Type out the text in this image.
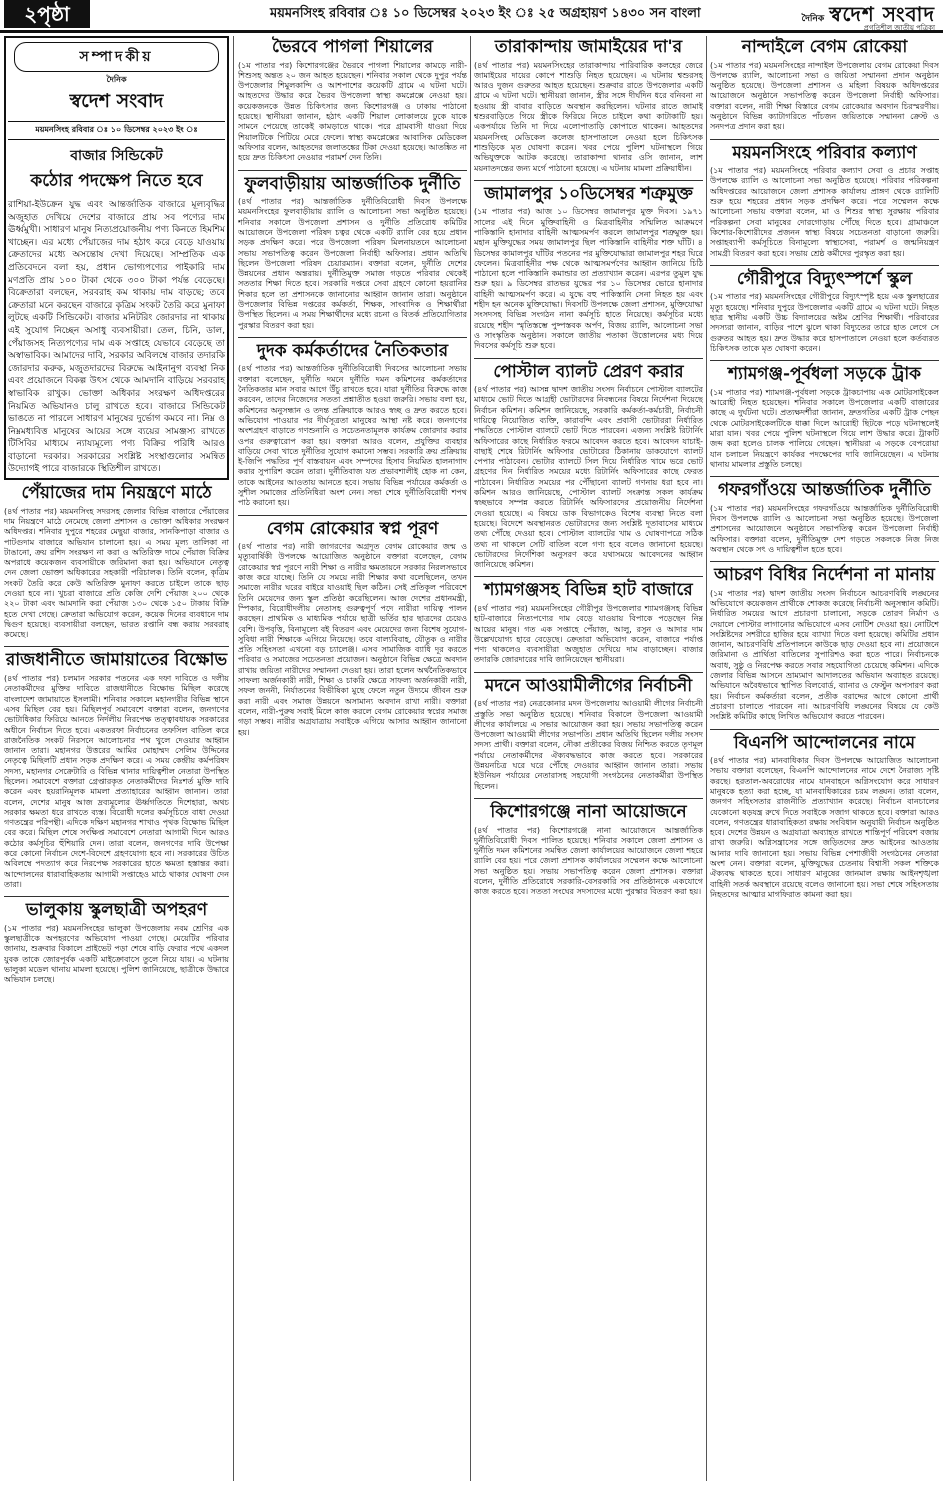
২পৃষ্ঠা	ময়মনসিংহ রবিবার ঃ ১০ ডিসেম্বর ২০২৩ ইং ঃ ২৫ অগ্রহায়ণ ১৪৩০ সন বাংলা	দৈনিক স্বদেশ সংবাদ
প্রগতিশীল জাতীয় পত্রিকা
সম্পাদকীয়
দৈনিক
স্বদেশ সংবাদ
ময়মনসিংহ রবিবার ঃ ১০ ডিসেম্বর ২০২৩ ইং ঃ
বাজার সিন্ডিকেট
কঠোর পদক্ষেপ নিতে হবে

রাশিয়া-ইউক্রেন যুদ্ধ এবং আন্তর্জাতিক বাজারে মূল্যবৃদ্ধির অজুহাত দেখিয়ে দেশের বাজারে প্রায় সব পণ্যের দাম ঊর্ধ্বমুখী। সাধারণ মানুষ নিত্যপ্রয়োজনীয় পণ্য কিনতে হিমশিম খাচ্ছেন। এর মধ্যে পেঁয়াজের দাম হঠাৎ করে বেড়ে যাওয়ায় ক্রেতাদের মধ্যে অসন্তোষ দেখা দিয়েছে। সাম্প্রতিক এক প্রতিবেদনে বলা হয়, প্রধান ভোগ্যপণ্যের পাইকারি দাম মণপ্রতি প্রায় ১০০ টাকা থেকে ৩০০ টাকা পর্যন্ত বেড়েছে। বিক্রেতারা বলছেন, সরবরাহ কম থাকায় দাম বাড়ছে; তবে ক্রেতারা মনে করছেন বাজারে কৃত্রিম সংকট তৈরি করে মুনাফা লুটছে একটি সিন্ডিকেট। বাজার মনিটরিং জোরদার না থাকায় এই সুযোগ নিচ্ছেন অসাধু ব্যবসায়ীরা। তেল, চিনি, ডাল, পেঁয়াজসহ নিত্যপণ্যের দাম এক সপ্তাহে যেভাবে বেড়েছে তা অস্বাভাবিক। আমাদের দাবি, সরকার অবিলম্বে বাজার তদারকি জোরদার করুক, মজুতদারদের বিরুদ্ধে আইনানুগ ব্যবস্থা নিক এবং প্রয়োজনে বিকল্প উৎস থেকে আমদানি বাড়িয়ে সরবরাহ স্বাভাবিক রাখুক। ভোক্তা অধিকার সংরক্ষণ অধিদপ্তরের নিয়মিত অভিযানও চালু রাখতে হবে। বাজারে সিন্ডিকেট ভাঙতে না পারলে সাধারণ মানুষের দুর্ভোগ কমবে না। নিম্ন ও নিম্নমধ্যবিত্ত মানুষের আয়ের সঙ্গে ব্যয়ের সামঞ্জস্য রাখতে টিসিবির মাধ্যমে ন্যায্যমূল্যে পণ্য বিক্রির পরিধি আরও বাড়ানো দরকার। সরকারের সংশ্লিষ্ট সংস্থাগুলোর সমন্বিত উদ্যোগই পারে বাজারকে স্থিতিশীল রাখতে।

পেঁয়াজের দাম নিয়ন্ত্রণে মাঠে

(৪র্থ পাতার পর) ময়মনসিংহ সদরসহ জেলার বিভিন্ন বাজারে পেঁয়াজের দাম নিয়ন্ত্রণে মাঠে নেমেছে জেলা প্রশাসন ও ভোক্তা অধিকার সংরক্ষণ অধিদপ্তর। শনিবার দুপুরে শহরের মেছুয়া বাজার, সানকিপাড়া বাজার ও পাটগুদাম বাজারে অভিযান চালানো হয়। এ সময় মূল্য তালিকা না টাঙানো, ক্রয় রশিদ সংরক্ষণ না করা ও অতিরিক্ত দামে পেঁয়াজ বিক্রির অপরাধে কয়েকজন ব্যবসায়ীকে জরিমানা করা হয়। অভিযানে নেতৃত্ব দেন জেলা ভোক্তা অধিকারের সহকারী পরিচালক। তিনি বলেন, কৃত্রিম সংকট তৈরি করে কেউ অতিরিক্ত মুনাফা করতে চাইলে তাকে ছাড় দেওয়া হবে না। খুচরা বাজারে প্রতি কেজি দেশি পেঁয়াজ ২০০ থেকে ২২০ টাকা এবং আমদানি করা পেঁয়াজ ১৩০ থেকে ১৫০ টাকায় বিক্রি হতে দেখা গেছে। ক্রেতারা অভিযোগ করেন, কয়েক দিনের ব্যবধানে দাম দ্বিগুণ হয়েছে। ব্যবসায়ীরা বলছেন, ভারত রপ্তানি বন্ধ করায় সরবরাহ কমেছে।

রাজধানীতে জামায়াতের বিক্ষোভ

(৪র্থ পাতার পর) চলমান সরকার পতনের এক দফা দাবিতে ও দলীয় নেতাকর্মীদের মুক্তির দাবিতে রাজধানীতে বিক্ষোভ মিছিল করেছে বাংলাদেশ জামায়াতে ইসলামী। শনিবার সকালে মহানগরীর বিভিন্ন স্থানে এসব মিছিল বের হয়। মিছিলপূর্ব সমাবেশে বক্তারা বলেন, জনগণের ভোটাধিকার ফিরিয়ে আনতে নির্দলীয় নিরপেক্ষ তত্ত্বাবধায়ক সরকারের অধীনে নির্বাচন দিতে হবে। একতরফা নির্বাচনের তফসিল বাতিল করে রাজনৈতিক সংকট নিরসনে আলোচনার পথ খুলে দেওয়ার আহ্বান জানান তারা। মহানগর উত্তরের আমির মোহাম্মদ সেলিম উদ্দিনের নেতৃত্বে মিছিলটি প্রধান সড়ক প্রদক্ষিণ করে। এ সময় কেন্দ্রীয় কর্মপরিষদ সদস্য, মহানগর সেক্রেটারি ও বিভিন্ন থানার দায়িত্বশীল নেতারা উপস্থিত ছিলেন। সমাবেশে বক্তারা গ্রেপ্তারকৃত নেতাকর্মীদের নিঃশর্ত মুক্তি দাবি করেন এবং হয়রানিমূলক মামলা প্রত্যাহারের আহ্বান জানান। তারা বলেন, দেশের মানুষ আজ দ্রব্যমূল্যের ঊর্ধ্বগতিতে দিশেহারা, অথচ সরকার ক্ষমতা ধরে রাখতে ব্যস্ত। বিরোধী দলের কর্মসূচিতে বাধা দেওয়া গণতন্ত্রের পরিপন্থী। এদিকে দক্ষিণ মহানগর শাখাও পৃথক বিক্ষোভ মিছিল বের করে। মিছিল শেষে সংক্ষিপ্ত সমাবেশে নেতারা আগামী দিনে আরও কঠোর কর্মসূচির হুঁশিয়ারি দেন। তারা বলেন, জনগণের দাবি উপেক্ষা করে কোনো নির্বাচন দেশে-বিদেশে গ্রহণযোগ্য হবে না। সরকারের উচিত অবিলম্বে পদত্যাগ করে নিরপেক্ষ সরকারের হাতে ক্ষমতা হস্তান্তর করা। আন্দোলনের ধারাবাহিকতায় আগামী সপ্তাহেও মাঠে থাকার ঘোষণা দেন তারা।

ভালুকায় স্কুলছাত্রী অপহরণ

(১ম পাতার পর) ময়মনসিংহের ভালুকা উপজেলায় নবম শ্রেণির এক স্কুলছাত্রীকে অপহরণের অভিযোগ পাওয়া গেছে। মেয়েটির পরিবার জানায়, শুক্রবার বিকালে প্রাইভেট পড়া শেষে বাড়ি ফেরার পথে একদল যুবক তাকে জোরপূর্বক একটি মাইক্রোবাসে তুলে নিয়ে যায়। এ ঘটনায় ভালুকা মডেল থানায় মামলা হয়েছে। পুলিশ জানিয়েছে, ছাত্রীকে উদ্ধারে অভিযান চলছে।

ভৈরবে পাগলা শিয়ালের

(১ম পাতার পর) কিশোরগঞ্জের ভৈরবে পাগলা শিয়ালের কামড়ে নারী-শিশুসহ অন্তত ২০ জন আহত হয়েছেন। শনিবার সকাল থেকে দুপুর পর্যন্ত উপজেলার শিমুলকান্দি ও আশপাশের কয়েকটি গ্রামে এ ঘটনা ঘটে। আহতদের উদ্ধার করে ভৈরব উপজেলা স্বাস্থ্য কমপ্লেক্সে নেওয়া হয়। কয়েকজনকে উন্নত চিকিৎসার জন্য কিশোরগঞ্জ ও ঢাকায় পাঠানো হয়েছে। স্থানীয়রা জানান, হঠাৎ একটি শিয়াল লোকালয়ে ঢুকে যাকে সামনে পেয়েছে তাকেই কামড়াতে থাকে। পরে গ্রামবাসী ধাওয়া দিয়ে শিয়ালটিকে পিটিয়ে মেরে ফেলে। স্বাস্থ্য কমপ্লেক্সের আবাসিক মেডিকেল অফিসার বলেন, আহতদের জলাতঙ্কের টিকা দেওয়া হয়েছে। আতঙ্কিত না হয়ে দ্রুত চিকিৎসা নেওয়ার পরামর্শ দেন তিনি।

ফুলবাড়ীয়ায় আন্তর্জাতিক দুর্নীতি

(৪র্থ পাতার পর) আন্তর্জাতিক দুর্নীতিবিরোধী দিবস উপলক্ষে ময়মনসিংহের ফুলবাড়ীয়ায় র‌্যালি ও আলোচনা সভা অনুষ্ঠিত হয়েছে। শনিবার সকালে উপজেলা প্রশাসন ও দুর্নীতি প্রতিরোধ কমিটির আয়োজনে উপজেলা পরিষদ চত্বর থেকে একটি র‌্যালি বের হয়ে প্রধান সড়ক প্রদক্ষিণ করে। পরে উপজেলা পরিষদ মিলনায়তনে আলোচনা সভায় সভাপতিত্ব করেন উপজেলা নির্বাহী অফিসার। প্রধান অতিথি ছিলেন উপজেলা পরিষদ চেয়ারম্যান। বক্তারা বলেন, দুর্নীতি দেশের উন্নয়নের প্রধান অন্তরায়। দুর্নীতিমুক্ত সমাজ গড়তে পরিবার থেকেই সততার শিক্ষা দিতে হবে। সরকারি দপ্তরে সেবা গ্রহণে কোনো হয়রানির শিকার হলে তা প্রশাসনকে জানানোর আহ্বান জানান তারা। অনুষ্ঠানে উপজেলার বিভিন্ন দপ্তরের কর্মকর্তা, শিক্ষক, সাংবাদিক ও শিক্ষার্থীরা উপস্থিত ছিলেন। এ সময় শিক্ষার্থীদের মধ্যে রচনা ও বিতর্ক প্রতিযোগিতার পুরস্কার বিতরণ করা হয়।

দুদক কর্মকর্তাদের নৈতিকতার

(৪র্থ পাতার পর) আন্তর্জাতিক দুর্নীতিবিরোধী দিবসের আলোচনা সভায় বক্তারা বলেছেন, দুর্নীতি দমনে দুর্নীতি দমন কমিশনের কর্মকর্তাদের নৈতিকতার মান সবার আগে উঁচু রাখতে হবে। যারা দুর্নীতির বিরুদ্ধে কাজ করবেন, তাদের নিজেদের সততা প্রশ্নাতীত হওয়া জরুরি। সভায় বলা হয়, কমিশনের অনুসন্ধান ও তদন্ত প্রক্রিয়াকে আরও স্বচ্ছ ও দ্রুত করতে হবে। অভিযোগ পাওয়ার পর দীর্ঘসূত্রতা মানুষের আস্থা নষ্ট করে। জনগণের অংশগ্রহণ বাড়াতে গণশুনানি ও সচেতনতামূলক কার্যক্রম জোরদার করার ওপর গুরুত্বারোপ করা হয়। বক্তারা আরও বলেন, প্রযুক্তির ব্যবহার বাড়িয়ে সেবা খাতে দুর্নীতির সুযোগ কমানো সম্ভব। সরকারি ক্রয় প্রক্রিয়ায় ই-জিপি পদ্ধতির পূর্ণ বাস্তবায়ন এবং সম্পদের হিসাব নিয়মিত হালনাগাদ করার সুপারিশ করেন তারা। দুর্নীতিবাজ যত প্রভাবশালীই হোক না কেন, তাকে আইনের আওতায় আনতে হবে। সভায় বিভিন্ন পর্যায়ের কর্মকর্তা ও সুশীল সমাজের প্রতিনিধিরা অংশ নেন। সভা শেষে দুর্নীতিবিরোধী শপথ পাঠ করানো হয়।

বেগম রোকেয়ার স্বপ্ন পূরণ

(৪র্থ পাতার পর) নারী জাগরণের অগ্রদূত বেগম রোকেয়ার জন্ম ও মৃত্যুবার্ষিকী উপলক্ষে আয়োজিত অনুষ্ঠানে বক্তারা বলেছেন, বেগম রোকেয়ার স্বপ্ন পূরণে নারী শিক্ষা ও নারীর ক্ষমতায়নে সরকার নিরলসভাবে কাজ করে যাচ্ছে। তিনি যে সময়ে নারী শিক্ষার কথা বলেছিলেন, তখন সমাজে নারীর ঘরের বাইরে যাওয়াই ছিল কঠিন। সেই প্রতিকূল পরিবেশে তিনি মেয়েদের জন্য স্কুল প্রতিষ্ঠা করেছিলেন। আজ দেশের প্রধানমন্ত্রী, স্পিকার, বিরোধীদলীয় নেতাসহ গুরুত্বপূর্ণ পদে নারীরা দায়িত্ব পালন করছেন। প্রাথমিক ও মাধ্যমিক পর্যায়ে ছাত্রী ভর্তির হার ছাত্রদের চেয়েও বেশি। উপবৃত্তি, বিনামূল্যে বই বিতরণ এবং মেয়েদের জন্য বিশেষ সুযোগ-সুবিধা নারী শিক্ষাকে এগিয়ে নিয়েছে। তবে বাল্যবিবাহ, যৌতুক ও নারীর প্রতি সহিংসতা এখনো বড় চ্যালেঞ্জ। এসব সামাজিক ব্যাধি দূর করতে পরিবার ও সমাজের সচেতনতা প্রয়োজন। অনুষ্ঠানে বিভিন্ন ক্ষেত্রে অবদান রাখায় জয়িতা নারীদের সম্মাননা দেওয়া হয়। তারা হলেন অর্থনৈতিকভাবে সাফল্য অর্জনকারী নারী, শিক্ষা ও চাকরি ক্ষেত্রে সাফল্য অর্জনকারী নারী, সফল জননী, নির্যাতনের বিভীষিকা মুছে ফেলে নতুন উদ্যমে জীবন শুরু করা নারী এবং সমাজ উন্নয়নে অসামান্য অবদান রাখা নারী। বক্তারা বলেন, নারী-পুরুষ সবাই মিলে কাজ করলে বেগম রোকেয়ার স্বপ্নের সমাজ গড়া সম্ভব। নারীর অগ্রযাত্রায় সবাইকে এগিয়ে আসার আহ্বান জানানো হয়।

তারাকান্দায় জামাইয়ের দা'র

(৪র্থ পাতার পর) ময়মনসিংহের তারাকান্দায় পারিবারিক কলহের জেরে জামাইয়ের দায়ের কোপে শাশুড়ি নিহত হয়েছেন। এ ঘটনায় শ্বশুরসহ আরও দুজন গুরুতর আহত হয়েছেন। শুক্রবার রাতে উপজেলার একটি গ্রামে এ ঘটনা ঘটে। স্থানীয়রা জানান, স্ত্রীর সঙ্গে দীর্ঘদিন ধরে বনিবনা না হওয়ায় স্ত্রী বাবার বাড়িতে অবস্থান করছিলেন। ঘটনার রাতে জামাই শ্বশুরবাড়িতে গিয়ে স্ত্রীকে ফিরিয়ে নিতে চাইলে কথা কাটাকাটি হয়। একপর্যায়ে তিনি দা দিয়ে এলোপাতাড়ি কোপাতে থাকেন। আহতদের ময়মনসিংহ মেডিকেল কলেজ হাসপাতালে নেওয়া হলে চিকিৎসক শাশুড়িকে মৃত ঘোষণা করেন। খবর পেয়ে পুলিশ ঘটনাস্থলে গিয়ে অভিযুক্তকে আটক করেছে। তারাকান্দা থানার ওসি জানান, লাশ ময়নাতদন্তের জন্য মর্গে পাঠানো হয়েছে। এ ঘটনায় মামলা প্রক্রিয়াধীন।

জামালপুর ১০ডিসেম্বর শত্রুমুক্ত

(১ম পাতার পর) আজ ১০ ডিসেম্বর জামালপুর মুক্ত দিবস। ১৯৭১ সালের এই দিনে মুক্তিবাহিনী ও মিত্রবাহিনীর সম্মিলিত আক্রমণে পাকিস্তানি হানাদার বাহিনী আত্মসমর্পণ করলে জামালপুর শত্রুমুক্ত হয়। মহান মুক্তিযুদ্ধের সময় জামালপুর ছিল পাকিস্তানি বাহিনীর শক্ত ঘাঁটি। ৪ ডিসেম্বর কামালপুর ঘাঁটির পতনের পর মুক্তিযোদ্ধারা জামালপুর শহর ঘিরে ফেলেন। মিত্রবাহিনীর পক্ষ থেকে আত্মসমর্পণের আহ্বান জানিয়ে চিঠি পাঠানো হলে পাকিস্তানি কমান্ডার তা প্রত্যাখ্যান করেন। এরপর তুমুল যুদ্ধ শুরু হয়। ৯ ডিসেম্বর রাতভর যুদ্ধের পর ১০ ডিসেম্বর ভোরে হানাদার বাহিনী আত্মসমর্পণ করে। এ যুদ্ধে বহু পাকিস্তানি সেনা নিহত হয় এবং শহীদ হন অনেক মুক্তিযোদ্ধা। দিবসটি উপলক্ষে জেলা প্রশাসন, মুক্তিযোদ্ধা সংসদসহ বিভিন্ন সংগঠন নানা কর্মসূচি হাতে নিয়েছে। কর্মসূচির মধ্যে রয়েছে শহীদ স্মৃতিস্তম্ভে পুষ্পস্তবক অর্পণ, বিজয় র‌্যালি, আলোচনা সভা ও সাংস্কৃতিক অনুষ্ঠান। সকালে জাতীয় পতাকা উত্তোলনের মধ্য দিয়ে দিবসের কর্মসূচি শুরু হবে।

পোস্টাল ব্যালট প্রেরণ করার

(৪র্থ পাতার পর) আসন্ন দ্বাদশ জাতীয় সংসদ নির্বাচনে পোস্টাল ব্যালটের মাধ্যমে ভোট দিতে আগ্রহী ভোটারদের নিবন্ধনের বিষয়ে নির্দেশনা দিয়েছে নির্বাচন কমিশন। কমিশন জানিয়েছে, সরকারি কর্মকর্তা-কর্মচারী, নির্বাচনী দায়িত্বে নিয়োজিত ব্যক্তি, কারাবন্দি এবং প্রবাসী ভোটাররা নির্ধারিত পদ্ধতিতে পোস্টাল ব্যালটে ভোট দিতে পারবেন। এজন্য সংশ্লিষ্ট রিটার্নিং অফিসারের কাছে নির্ধারিত ফরমে আবেদন করতে হবে। আবেদন যাচাই-বাছাই শেষে রিটার্নিং অফিসার ভোটারের ঠিকানায় ডাকযোগে ব্যালট পেপার পাঠাবেন। ভোটার ব্যালটে সিল দিয়ে নির্ধারিত খামে ভরে ভোট গ্রহণের দিন নির্ধারিত সময়ের মধ্যে রিটার্নিং অফিসারের কাছে ফেরত পাঠাবেন। নির্ধারিত সময়ের পর পৌঁছানো ব্যালট গণনায় ধরা হবে না। কমিশন আরও জানিয়েছে, পোস্টাল ব্যালট সংক্রান্ত সকল কার্যক্রম স্বচ্ছভাবে সম্পন্ন করতে রিটার্নিং অফিসারদের প্রয়োজনীয় নির্দেশনা দেওয়া হয়েছে। এ বিষয়ে ডাক বিভাগকেও বিশেষ ব্যবস্থা নিতে বলা হয়েছে। বিদেশে অবস্থানরত ভোটারদের জন্য সংশ্লিষ্ট দূতাবাসের মাধ্যমে তথ্য পৌঁছে দেওয়া হবে। পোস্টাল ব্যালটের খাম ও ঘোষণাপত্রে সঠিক তথ্য না থাকলে সেটি বাতিল বলে গণ্য হবে বলেও জানানো হয়েছে। ভোটারদের নির্দেশিকা অনুসরণ করে যথাসময়ে আবেদনের আহ্বান জানিয়েছে কমিশন।

শ্যামগঞ্জসহ বিভিন্ন হাট বাজারে

(৪র্থ পাতার পর) ময়মনসিংহের গৌরীপুর উপজেলার শ্যামগঞ্জসহ বিভিন্ন হাট-বাজারে নিত্যপণ্যের দাম বেড়ে যাওয়ায় বিপাকে পড়েছেন নিম্ন আয়ের মানুষ। গত এক সপ্তাহে পেঁয়াজ, আলু, রসুন ও আদার দাম উল্লেখযোগ্য হারে বেড়েছে। ক্রেতারা অভিযোগ করেন, বাজারে পর্যাপ্ত পণ্য থাকলেও ব্যবসায়ীরা অজুহাত দেখিয়ে দাম বাড়াচ্ছেন। বাজার তদারকি জোরদারের দাবি জানিয়েছেন স্থানীয়রা।

মদনে আওয়ামীলীগের নির্বাচনী

(৪র্থ পাতার পর) নেত্রকোনার মদন উপজেলায় আওয়ামী লীগের নির্বাচনী প্রস্তুতি সভা অনুষ্ঠিত হয়েছে। শনিবার বিকালে উপজেলা আওয়ামী লীগের কার্যালয়ে এ সভার আয়োজন করা হয়। সভায় সভাপতিত্ব করেন উপজেলা আওয়ামী লীগের সভাপতি। প্রধান অতিথি ছিলেন দলীয় সংসদ সদস্য প্রার্থী। বক্তারা বলেন, নৌকা প্রতীকের বিজয় নিশ্চিত করতে তৃণমূল পর্যায়ে নেতাকর্মীদের ঐক্যবদ্ধভাবে কাজ করতে হবে। সরকারের উন্নয়নচিত্র ঘরে ঘরে পৌঁছে দেওয়ার আহ্বান জানান তারা। সভায় ইউনিয়ন পর্যায়ের নেতারাসহ সহযোগী সংগঠনের নেতাকর্মীরা উপস্থিত ছিলেন।

কিশোরগঞ্জে নানা আয়োজনে

(৪র্থ পাতার পর) কিশোরগঞ্জে নানা আয়োজনে আন্তর্জাতিক দুর্নীতিবিরোধী দিবস পালিত হয়েছে। শনিবার সকালে জেলা প্রশাসন ও দুর্নীতি দমন কমিশনের সমন্বিত জেলা কার্যালয়ের আয়োজনে জেলা শহরে র‌্যালি বের হয়। পরে জেলা প্রশাসক কার্যালয়ের সম্মেলন কক্ষে আলোচনা সভা অনুষ্ঠিত হয়। সভায় সভাপতিত্ব করেন জেলা প্রশাসক। বক্তারা বলেন, দুর্নীতি প্রতিরোধে সরকারি-বেসরকারি সব প্রতিষ্ঠানকে একযোগে কাজ করতে হবে। সততা সংঘের সদস্যদের মধ্যে পুরস্কার বিতরণ করা হয়।

নান্দাইলে বেগম রোকেয়া

(১ম পাতার পর) ময়মনসিংহের নান্দাইল উপজেলায় বেগম রোকেয়া দিবস উপলক্ষে র‌্যালি, আলোচনা সভা ও জয়িতা সম্মাননা প্রদান অনুষ্ঠান অনুষ্ঠিত হয়েছে। উপজেলা প্রশাসন ও মহিলা বিষয়ক অধিদপ্তরের আয়োজনে অনুষ্ঠানে সভাপতিত্ব করেন উপজেলা নির্বাহী অফিসার। বক্তারা বলেন, নারী শিক্ষা বিস্তারে বেগম রোকেয়ার অবদান চিরস্মরণীয়। অনুষ্ঠানে বিভিন্ন ক্যাটাগরিতে পাঁচজন জয়িতাকে সম্মাননা ক্রেস্ট ও সনদপত্র প্রদান করা হয়।

ময়মনসিংহে পরিবার কল্যাণ

(১ম পাতার পর) ময়মনসিংহে পরিবার কল্যাণ সেবা ও প্রচার সপ্তাহ উপলক্ষে র‌্যালি ও আলোচনা সভা অনুষ্ঠিত হয়েছে। পরিবার পরিকল্পনা অধিদপ্তরের আয়োজনে জেলা প্রশাসক কার্যালয় প্রাঙ্গণ থেকে র‌্যালিটি শুরু হয়ে শহরের প্রধান সড়ক প্রদক্ষিণ করে। পরে সম্মেলন কক্ষে আলোচনা সভায় বক্তারা বলেন, মা ও শিশুর স্বাস্থ্য সুরক্ষায় পরিবার পরিকল্পনা সেবা মানুষের দোরগোড়ায় পৌঁছে দিতে হবে। গ্রামাঞ্চলে কিশোর-কিশোরীদের প্রজনন স্বাস্থ্য বিষয়ে সচেতনতা বাড়ানো জরুরি। সপ্তাহব্যাপী কর্মসূচিতে বিনামূল্যে স্বাস্থ্যসেবা, পরামর্শ ও জন্মনিয়ন্ত্রণ সামগ্রী বিতরণ করা হবে। সভায় শ্রেষ্ঠ কর্মীদের পুরস্কৃত করা হয়।

গৌরীপুরে বিদ্যুৎস্পর্শে স্কুল

(১ম পাতার পর) ময়মনসিংহের গৌরীপুরে বিদ্যুৎস্পৃষ্ট হয়ে এক স্কুলছাত্রের মৃত্যু হয়েছে। শনিবার দুপুরে উপজেলার একটি গ্রামে এ ঘটনা ঘটে। নিহত ছাত্র স্থানীয় একটি উচ্চ বিদ্যালয়ের অষ্টম শ্রেণির শিক্ষার্থী। পরিবারের সদস্যরা জানান, বাড়ির পাশে ঝুলে থাকা বিদ্যুতের তারে হাত লেগে সে গুরুতর আহত হয়। দ্রুত উদ্ধার করে হাসপাতালে নেওয়া হলে কর্তব্যরত চিকিৎসক তাকে মৃত ঘোষণা করেন।

শ্যামগঞ্জ-পূর্বধলা সড়কে ট্রাক

(১ম পাতার পর) শ্যামগঞ্জ-পূর্বধলা সড়কে ট্রাকচাপায় এক মোটরসাইকেল আরোহী নিহত হয়েছেন। শনিবার সকালে উপজেলার একটি বাজারের কাছে এ দুর্ঘটনা ঘটে। প্রত্যক্ষদর্শীরা জানান, দ্রুতগতির একটি ট্রাক পেছন থেকে মোটরসাইকেলটিকে ধাক্কা দিলে আরোহী ছিটকে পড়ে ঘটনাস্থলেই মারা যান। খবর পেয়ে পুলিশ ঘটনাস্থলে গিয়ে লাশ উদ্ধার করে। ট্রাকটি জব্দ করা হলেও চালক পালিয়ে গেছেন। স্থানীয়রা এ সড়কে বেপরোয়া যান চলাচল নিয়ন্ত্রণে কার্যকর পদক্ষেপের দাবি জানিয়েছেন। এ ঘটনায় থানায় মামলার প্রস্তুতি চলছে।

গফরগাঁওয়ে আন্তর্জাতিক দুর্নীতি

(১ম পাতার পর) ময়মনসিংহের গফরগাঁওয়ে আন্তর্জাতিক দুর্নীতিবিরোধী দিবস উপলক্ষে র‌্যালি ও আলোচনা সভা অনুষ্ঠিত হয়েছে। উপজেলা প্রশাসনের আয়োজনে অনুষ্ঠানে সভাপতিত্ব করেন উপজেলা নির্বাহী অফিসার। বক্তারা বলেন, দুর্নীতিমুক্ত দেশ গড়তে সকলকে নিজ নিজ অবস্থান থেকে সৎ ও দায়িত্বশীল হতে হবে।

আচরণ বিধির নির্দেশনা না মানায়

(১ম পাতার পর) দ্বাদশ জাতীয় সংসদ নির্বাচনে আচরণবিধি লঙ্ঘনের অভিযোগে কয়েকজন প্রার্থীকে শোকজ করেছে নির্বাচনী অনুসন্ধান কমিটি। নির্ধারিত সময়ের আগে প্রচারণা চালানো, সড়কে তোরণ নির্মাণ ও দেয়ালে পোস্টার লাগানোর অভিযোগে এসব নোটিশ দেওয়া হয়। নোটিশে সংশ্লিষ্টদের সশরীরে হাজির হয়ে ব্যাখ্যা দিতে বলা হয়েছে। কমিটির প্রধান জানান, আচরণবিধি প্রতিপালনে কাউকে ছাড় দেওয়া হবে না। প্রয়োজনে জরিমানা ও প্রার্থিতা বাতিলের সুপারিশও করা হতে পারে। নির্বাচনকে অবাধ, সুষ্ঠু ও নিরপেক্ষ করতে সবার সহযোগিতা চেয়েছে কমিশন। এদিকে জেলার বিভিন্ন আসনে ভ্রাম্যমাণ আদালতের অভিযান অব্যাহত রয়েছে। অভিযানে অবৈধভাবে স্থাপিত বিলবোর্ড, ব্যানার ও ফেস্টুন অপসারণ করা হয়। নির্বাচন কর্মকর্তারা বলেন, প্রতীক বরাদ্দের আগে কোনো প্রার্থী প্রচারণা চালাতে পারবেন না। আচরণবিধি লঙ্ঘনের বিষয়ে যে কেউ সংশ্লিষ্ট কমিটির কাছে লিখিত অভিযোগ করতে পারবেন।

বিএনপি আন্দোলনের নামে

(৪র্থ পাতার পর) মানবাধিকার দিবস উপলক্ষে আয়োজিত আলোচনা সভায় বক্তারা বলেছেন, বিএনপি আন্দোলনের নামে দেশে নৈরাজ্য সৃষ্টি করছে। হরতাল-অবরোধের নামে যানবাহনে অগ্নিসংযোগ করে সাধারণ মানুষকে হত্যা করা হচ্ছে, যা মানবাধিকারের চরম লঙ্ঘন। তারা বলেন, জনগণ সহিংসতার রাজনীতি প্রত্যাখ্যান করেছে। নির্বাচন বানচালের যেকোনো ষড়যন্ত্র রুখে দিতে সবাইকে সজাগ থাকতে হবে। বক্তারা আরও বলেন, গণতন্ত্রের ধারাবাহিকতা রক্ষায় সংবিধান অনুযায়ী নির্বাচন অনুষ্ঠিত হবে। দেশের উন্নয়ন ও অগ্রযাত্রা অব্যাহত রাখতে শান্তিপূর্ণ পরিবেশ বজায় রাখা জরুরি। অগ্নিসন্ত্রাসের সঙ্গে জড়িতদের দ্রুত আইনের আওতায় আনার দাবি জানানো হয়। সভায় বিভিন্ন পেশাজীবী সংগঠনের নেতারা অংশ নেন। বক্তারা বলেন, মুক্তিযুদ্ধের চেতনায় বিশ্বাসী সকল শক্তিকে ঐক্যবদ্ধ থাকতে হবে। সাধারণ মানুষের জানমাল রক্ষায় আইনশৃঙ্খলা বাহিনী সতর্ক অবস্থানে রয়েছে বলেও জানানো হয়। সভা শেষে সহিংসতায় নিহতদের আত্মার মাগফিরাত কামনা করা হয়।
